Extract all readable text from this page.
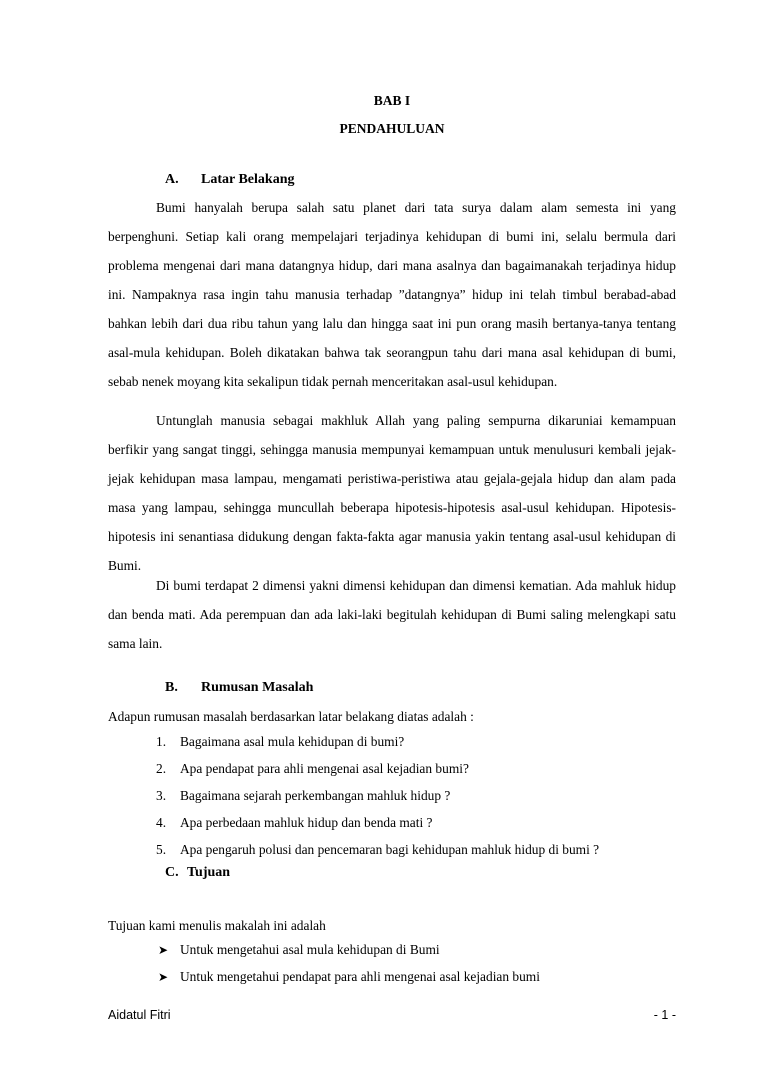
BAB I
PENDAHULUAN
A. Latar Belakang
Bumi hanyalah berupa salah satu planet dari tata surya dalam alam semesta ini yang berpenghuni. Setiap kali orang mempelajari terjadinya kehidupan di bumi ini, selalu bermula dari problema mengenai dari mana datangnya hidup, dari mana asalnya dan bagaimanakah terjadinya hidup ini. Nampaknya rasa ingin tahu manusia terhadap ”datangnya” hidup ini telah timbul berabad-abad bahkan lebih dari dua ribu tahun yang lalu dan hingga saat ini pun orang masih bertanya-tanya tentang asal-mula kehidupan. Boleh dikatakan bahwa tak seorangpun tahu dari mana asal kehidupan di bumi, sebab nenek moyang kita sekalipun tidak pernah menceritakan asal-usul kehidupan.
Untunglah manusia sebagai makhluk Allah yang paling sempurna dikaruniai kemampuan berfikir yang sangat tinggi, sehingga manusia mempunyai kemampuan untuk menulusuri kembali jejak-jejak kehidupan masa lampau, mengamati peristiwa-peristiwa atau gejala-gejala hidup dan alam pada masa yang lampau, sehingga muncullah beberapa hipotesis-hipotesis asal-usul kehidupan. Hipotesis-hipotesis ini senantiasa didukung dengan fakta-fakta agar manusia yakin tentang asal-usul kehidupan di Bumi.
Di bumi terdapat 2 dimensi yakni dimensi kehidupan dan dimensi kematian. Ada mahluk hidup dan benda mati. Ada perempuan dan ada laki-laki begitulah kehidupan di Bumi saling melengkapi satu sama lain.
B. Rumusan Masalah
Adapun rumusan masalah berdasarkan latar belakang diatas adalah :
1. Bagaimana asal mula kehidupan di bumi?
2. Apa pendapat para ahli mengenai asal kejadian bumi?
3. Bagaimana sejarah perkembangan mahluk hidup ?
4. Apa perbedaan mahluk hidup dan benda mati ?
5. Apa pengaruh polusi dan pencemaran bagi kehidupan mahluk hidup di bumi ?
C. Tujuan
Tujuan kami menulis makalah ini adalah
➤ Untuk mengetahui asal mula kehidupan di Bumi
➤ Untuk mengetahui pendapat para ahli mengenai asal kejadian bumi
Aidatul Fitri	- 1 -
